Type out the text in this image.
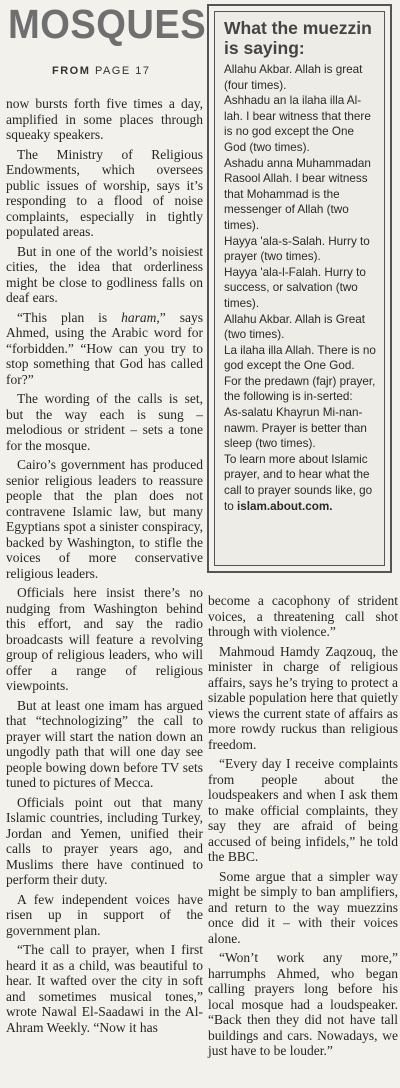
MOSQUES
FROM PAGE 17
What the muezzin
is saying:
Allahu Akbar. Allah is great (four times).
Ashhadu an la ilaha illa Al-lah. I bear witness that there is no god except the One God (two times).
Ashadu anna Muhammadan Rasool Allah. I bear witness that Mohammad is the messenger of Allah (two times).
Hayya 'ala-s-Salah. Hurry to prayer (two times).
Hayya 'ala-l-Falah. Hurry to success, or salvation (two times).
Allahu Akbar. Allah is Great (two times).
La ilaha illa Allah. There is no god except the One God.
For the predawn (fajr) prayer, the following is in-serted:
As-salatu Khayrun Mi-nan-nawm. Prayer is better than sleep (two times).
To learn more about Islamic prayer, and to hear what the call to prayer sounds like, go to islam.about.com.

now bursts forth five times a day, amplified in some places through squeaky speakers.

The Ministry of Religious Endowments, which oversees public issues of worship, says it’s responding to a flood of noise complaints, especially in tightly populated areas.

But in one of the world’s noisiest cities, the idea that orderliness might be close to godliness falls on deaf ears.

“This plan is haram,” says Ahmed, using the Arabic word for “forbidden.” “How can you try to stop something that God has called for?”

The wording of the calls is set, but the way each is sung – melodious or strident – sets a tone for the mosque.

Cairo’s government has produced senior religious leaders to reassure people that the plan does not contravene Islamic law, but many Egyptians spot a sinister conspiracy, backed by Washington, to stifle the voices of more conservative religious leaders.

Officials here insist there’s no nudging from Washington behind this effort, and say the radio broadcasts will feature a revolving group of religious leaders, who will offer a range of religious viewpoints.

But at least one imam has argued that “technologizing” the call to prayer will start the nation down an ungodly path that will one day see people bowing down before TV sets tuned to pictures of Mecca.

Officials point out that many Islamic countries, including Turkey, Jordan and Yemen, unified their calls to prayer years ago, and Muslims there have continued to perform their duty.

A few independent voices have risen up in support of the government plan.

“The call to prayer, when I first heard it as a child, was beautiful to hear. It wafted over the city in soft and sometimes musical tones,” wrote Nawal El-Saadawi in the Al-Ahram Weekly. “Now it has

become a cacophony of strident voices, a threatening call shot through with violence.”

Mahmoud Hamdy Zaqzouq, the minister in charge of religious affairs, says he’s trying to protect a sizable population here that quietly views the current state of affairs as more rowdy ruckus than religious freedom.

“Every day I receive complaints from people about the loudspeakers and when I ask them to make official complaints, they say they are afraid of being accused of being infidels,” he told the BBC.

Some argue that a simpler way might be simply to ban amplifiers, and return to the way muezzins once did it – with their voices alone.

“Won’t work any more,” harrumphs Ahmed, who began calling prayers long before his local mosque had a loudspeaker. “Back then they did not have tall buildings and cars. Nowadays, we just have to be louder.”
